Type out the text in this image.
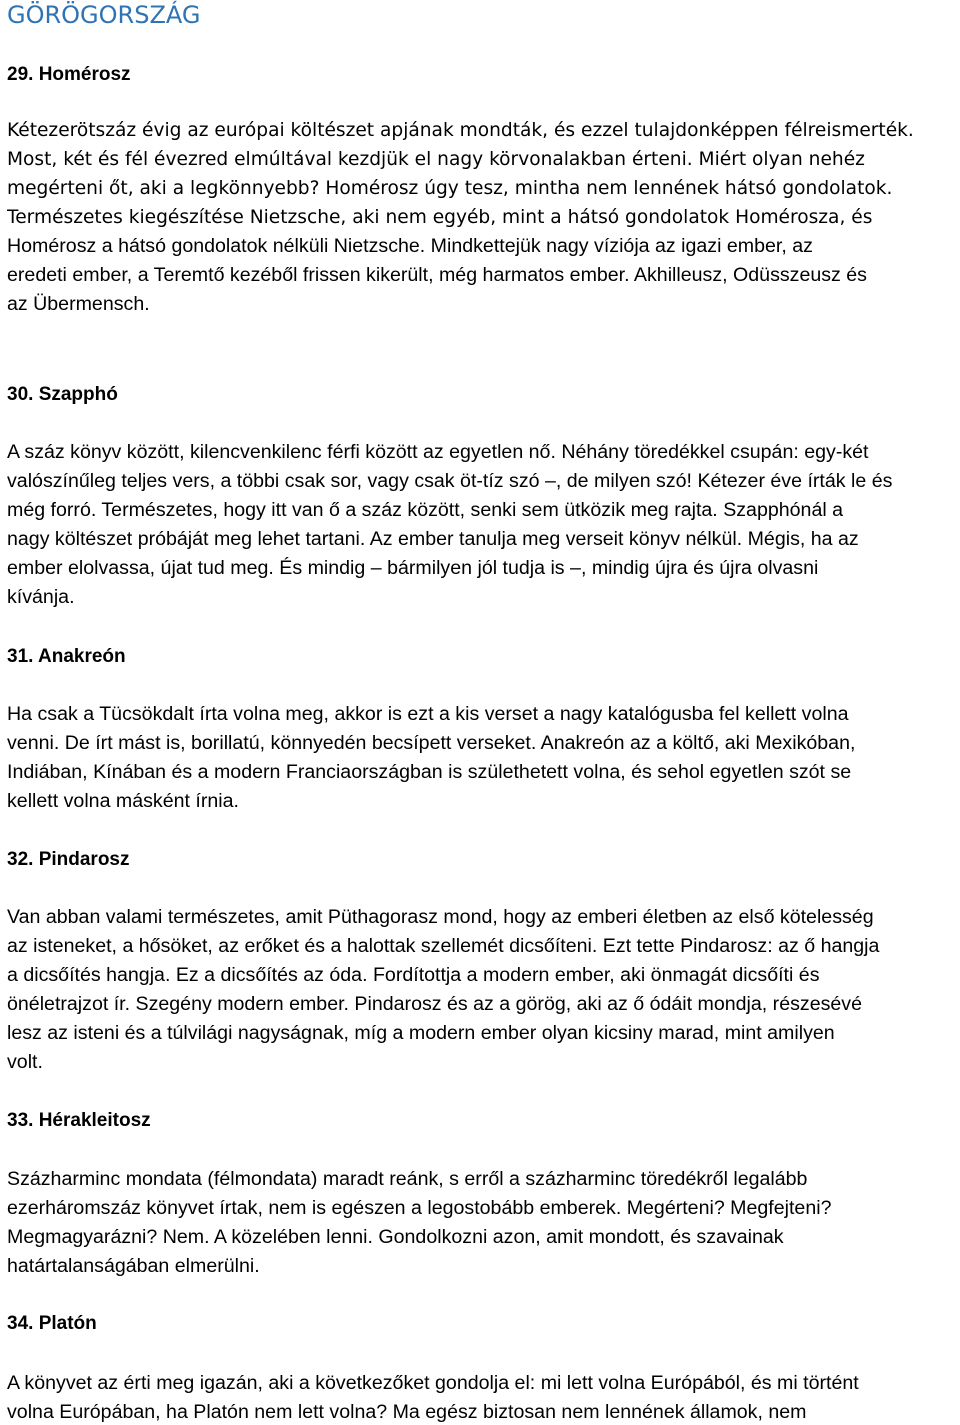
GÖRÖGORSZÁG
29. Homérosz
Kétezerötszáz évig az európai költészet apjának mondták, és ezzel tulajdonképpen félreismerték.
Most, két és fél évezred elmúltával kezdjük el nagy körvonalakban érteni. Miért olyan nehéz
megérteni őt, aki a legkönnyebb? Homérosz úgy tesz, mintha nem lennének hátsó gondolatok.
Természetes kiegészítése Nietzsche, aki nem egyéb, mint a hátsó gondolatok Homérosza, és
Homérosz a hátsó gondolatok nélküli Nietzsche. Mindkettejük nagy víziója az igazi ember, az
eredeti ember, a Teremtő kezéből frissen kikerült, még harmatos ember. Akhilleusz, Odüsszeusz és
az Übermensch.
30. Szapphó
A száz könyv között, kilencvenkilenc férfi között az egyetlen nő. Néhány töredékkel csupán: egy-két
valószínűleg teljes vers, a többi csak sor, vagy csak öt-tíz szó –, de milyen szó! Kétezer éve írták le és
még forró. Természetes, hogy itt van ő a száz között, senki sem ütközik meg rajta. Szapphónál a
nagy költészet próbáját meg lehet tartani. Az ember tanulja meg verseit könyv nélkül. Mégis, ha az
ember elolvassa, újat tud meg. És mindig – bármilyen jól tudja is –, mindig újra és újra olvasni
kívánja.
31. Anakreón
Ha csak a Tücsökdalt írta volna meg, akkor is ezt a kis verset a nagy katalógusba fel kellett volna
venni. De írt mást is, borillatú, könnyedén becsípett verseket. Anakreón az a költő, aki Mexikóban,
Indiában, Kínában és a modern Franciaországban is születhetett volna, és sehol egyetlen szót se
kellett volna másként írnia.
32. Pindarosz
Van abban valami természetes, amit Püthagorasz mond, hogy az emberi életben az első kötelesség
az isteneket, a hősöket, az erőket és a halottak szellemét dicsőíteni. Ezt tette Pindarosz: az ő hangja
a dicsőítés hangja. Ez a dicsőítés az óda. Fordítottja a modern ember, aki önmagát dicsőíti és
önéletrajzot ír. Szegény modern ember. Pindarosz és az a görög, aki az ő ódáit mondja, részesévé
lesz az isteni és a túlvilági nagyságnak, míg a modern ember olyan kicsiny marad, mint amilyen
volt.
33. Hérakleitosz
Százharminc mondata (félmondata) maradt reánk, s erről a százharminc töredékről legalább
ezerháromszáz könyvet írtak, nem is egészen a legostobább emberek. Megérteni? Megfejteni?
Megmagyarázni? Nem. A közelében lenni. Gondolkozni azon, amit mondott, és szavainak
határtalanságában elmerülni.
34. Platón
A könyvet az érti meg igazán, aki a következőket gondolja el: mi lett volna Európából, és mi történt
volna Európában, ha Platón nem lett volna? Ma egész biztosan nem lennének államok, nem
